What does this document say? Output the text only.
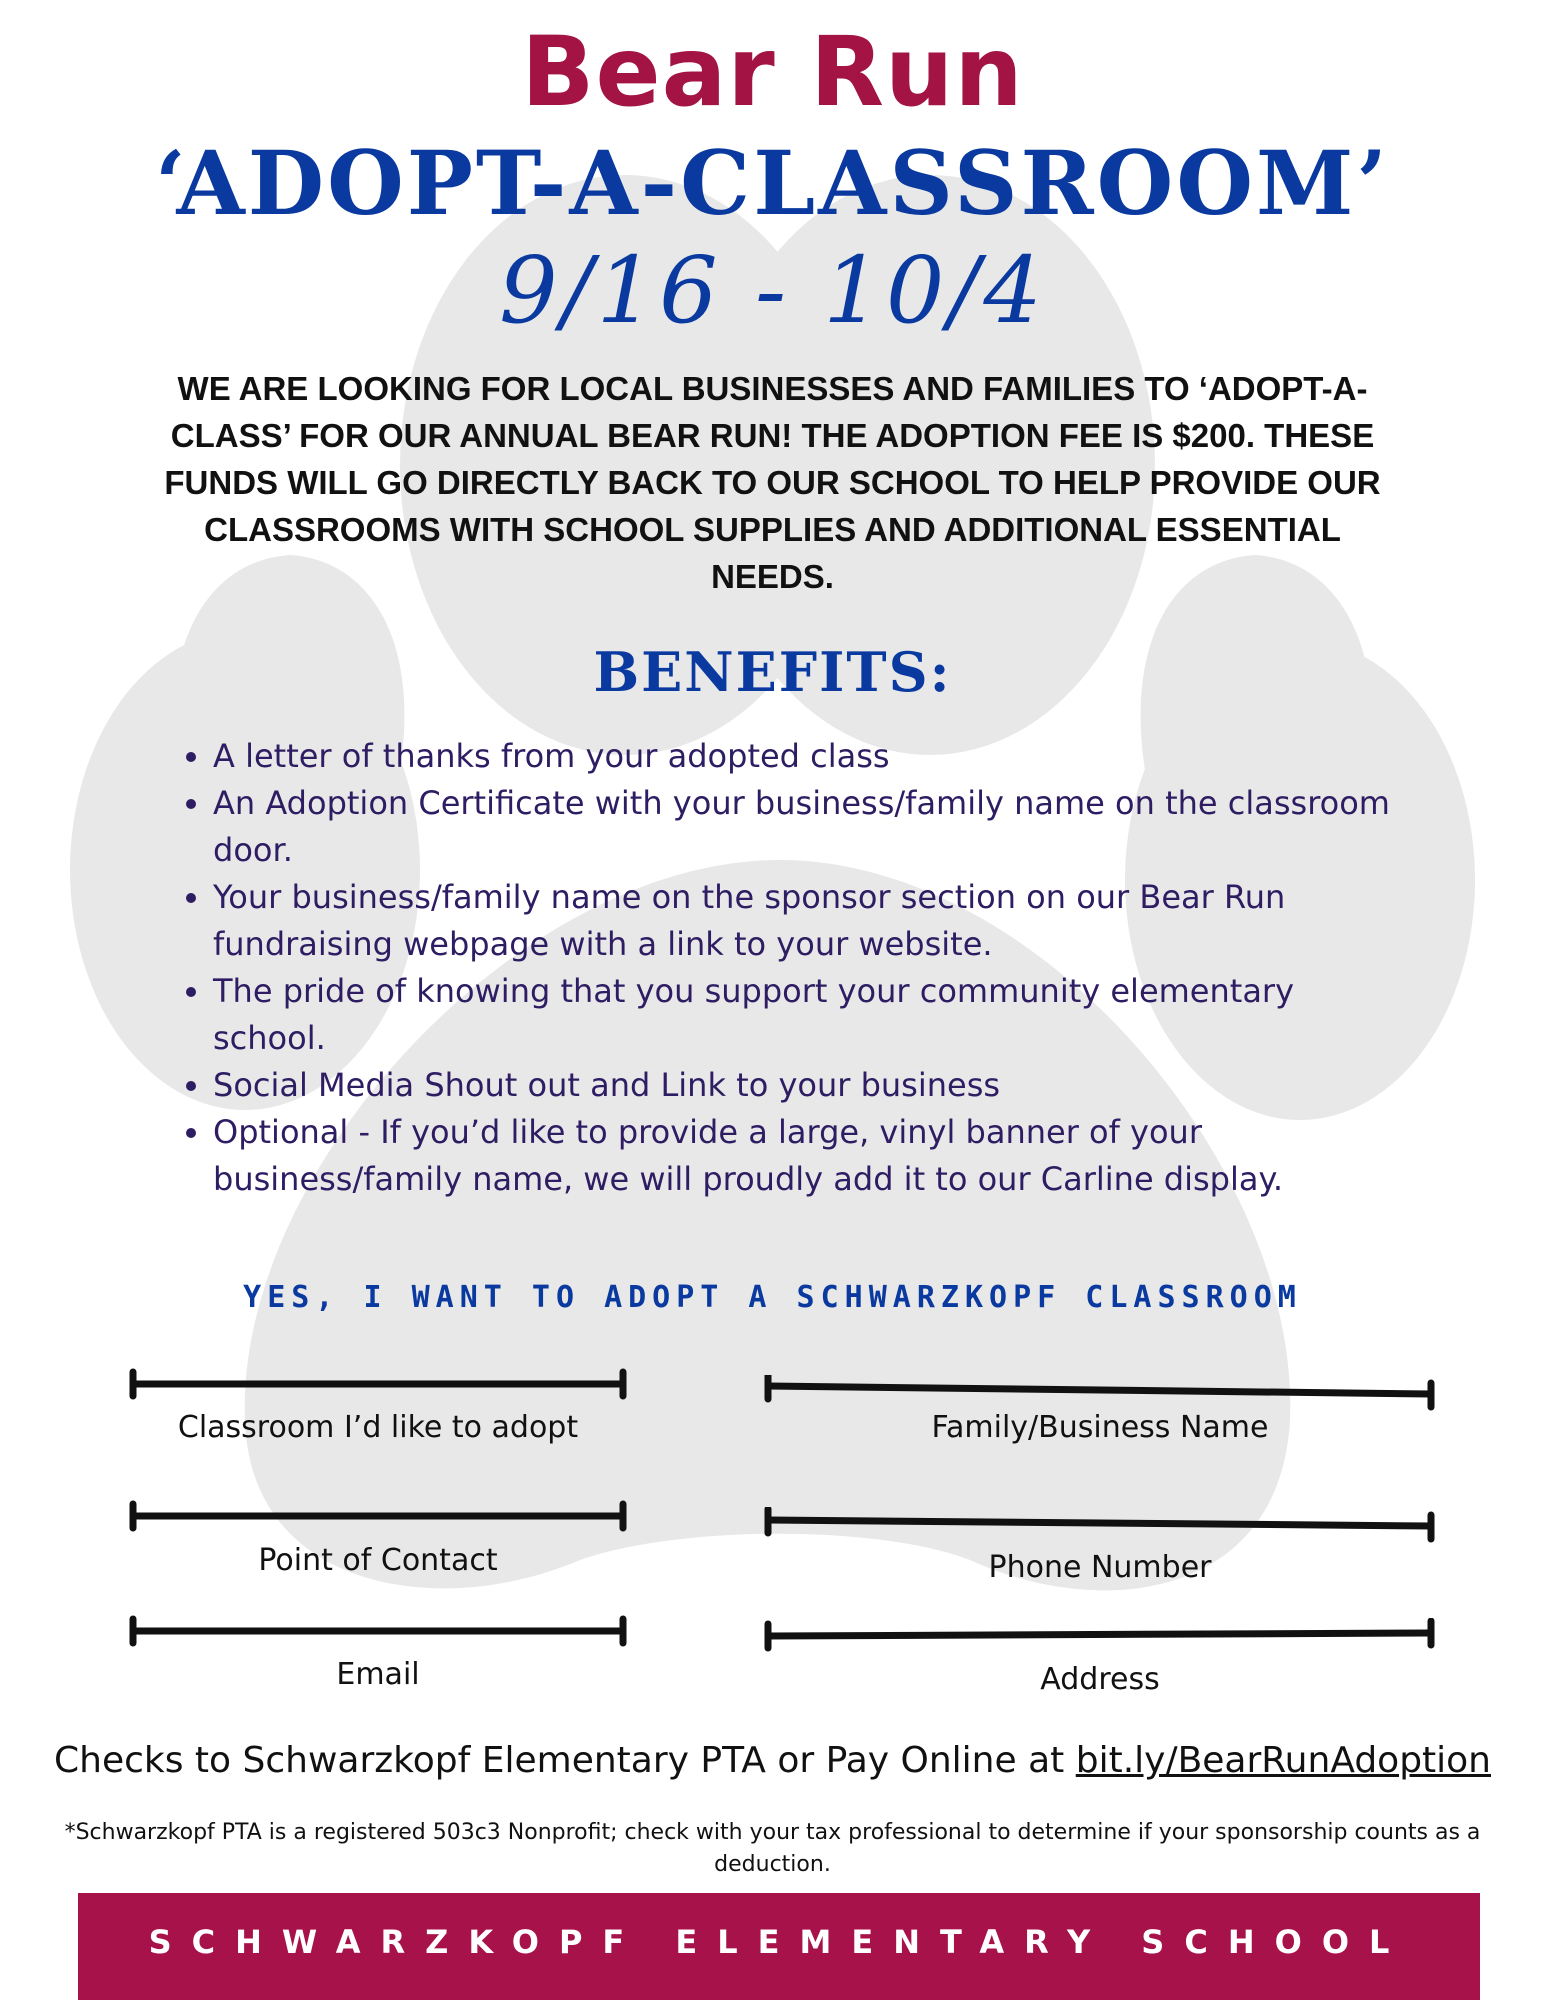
Bear Run
‘ADOPT-A-CLASSROOM’
9/16 - 10/4
WE ARE LOOKING FOR LOCAL BUSINESSES AND FAMILIES TO ‘ADOPT-A-CLASS’ FOR OUR ANNUAL BEAR RUN! THE ADOPTION FEE IS $200. THESE FUNDS WILL GO DIRECTLY BACK TO OUR SCHOOL TO HELP PROVIDE OUR CLASSROOMS WITH SCHOOL SUPPLIES AND ADDITIONAL ESSENTIAL NEEDS.
BENEFITS:
• A letter of thanks from your adopted class
• An Adoption Certificate with your business/family name on the classroom door.
• Your business/family name on the sponsor section on our Bear Run fundraising webpage with a link to your website.
• The pride of knowing that you support your community elementary school.
• Social Media Shout out and Link to your business
• Optional - If you’d like to provide a large, vinyl banner of your business/family name, we will proudly add it to our Carline display.
YES, I WANT TO ADOPT A SCHWARZKOPF CLASSROOM
Classroom I’d like to adopt
Point of Contact
Email
Family/Business Name
Phone Number
Address
Checks to Schwarzkopf Elementary PTA or Pay Online at bit.ly/BearRunAdoption
*Schwarzkopf PTA is a registered 503c3 Nonprofit; check with your tax professional to determine if your sponsorship counts as a deduction.
SCHWARZKOPF ELEMENTARY SCHOOL
